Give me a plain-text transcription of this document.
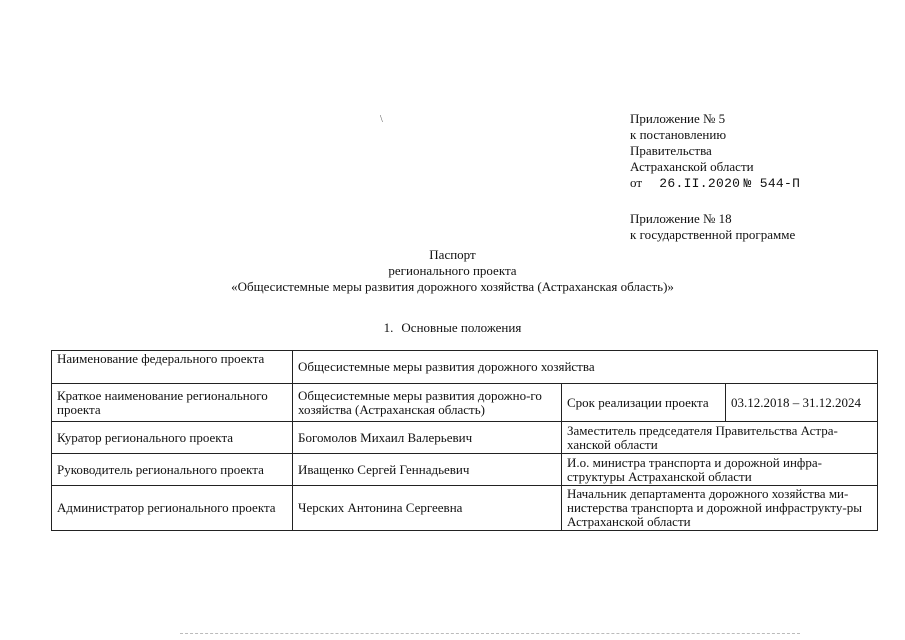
\	Приложение № 5
к постановлению
Правительства
Астраханской области
от 26.II.2020 № 544-П
Приложение № 18
к государственной программе
Паспорт
регионального проекта
«Общесистемные меры развития дорожного хозяйства (Астраханская область)»
1. Основные положения
Наименование федерального проекта	Общесистемные меры развития дорожного хозяйства		
Краткое наименование регионального проекта	Общесистемные меры развития дорожно-го хозяйства (Астраханская область)	Срок реализации проекта	03.12.2018 – 31.12.2024
Куратор регионального проекта	Богомолов Михаил Валерьевич	Заместитель председателя Правительства Астра-ханской области	
Руководитель регионального проекта	Иващенко Сергей Геннадьевич	И.о. министра транспорта и дорожной инфра-структуры Астраханской области	
Администратор регионального проекта	Черских Антонина Сергеевна	Начальник департамента дорожного хозяйства ми-нистерства транспорта и дорожной инфраструкту-ры Астраханской области	
